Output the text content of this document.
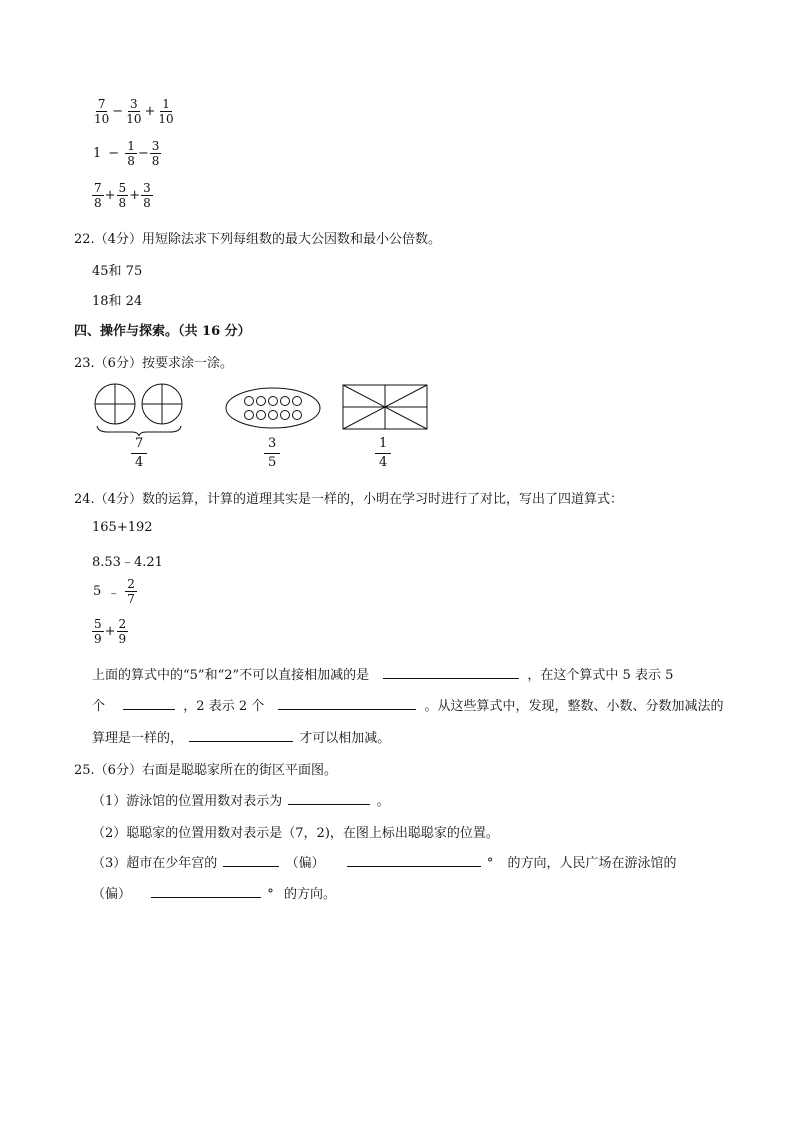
$\frac{7}{10} - \frac{3}{10} + \frac{1}{10}$
$1 - \frac{1}{8} - \frac{3}{8}$
$\frac{7}{8} + \frac{5}{8} + \frac{3}{8}$
22.（4分）用短除法求下列每组数的最大公因数和最小公倍数。
45和 75
18和 24
四、操作与探索。（共 16 分）
23.（6分）按要求涂一涂。
$\frac{7}{4}$	$\frac{3}{5}$	$\frac{1}{4}$
24.（4分）数的运算，计算的道理其实是一样的，小明在学习时进行了对比，写出了四道算式：
165+192
8.53﹣4.21
5 ﹣ $\frac{2}{7}$
$\frac{5}{9} + \frac{2}{9}$
上面的算式中的“5”和“2”不可以直接相加减的是	，在这个算式中 5 表示 5
个	，2 表示 2 个	。从这些算式中，发现，整数、小数、分数加减法的
算理是一样的，	才可以相加减。
25.（6分）右面是聪聪家所在的街区平面图。
（1）游泳馆的位置用数对表示为	。
（2）聪聪家的位置用数对表示是（7，2)，在图上标出聪聪家的位置。
（3）超市在少年宫的	（偏）	° 的方向，人民广场在游泳馆的
（偏）	° 的方向。
